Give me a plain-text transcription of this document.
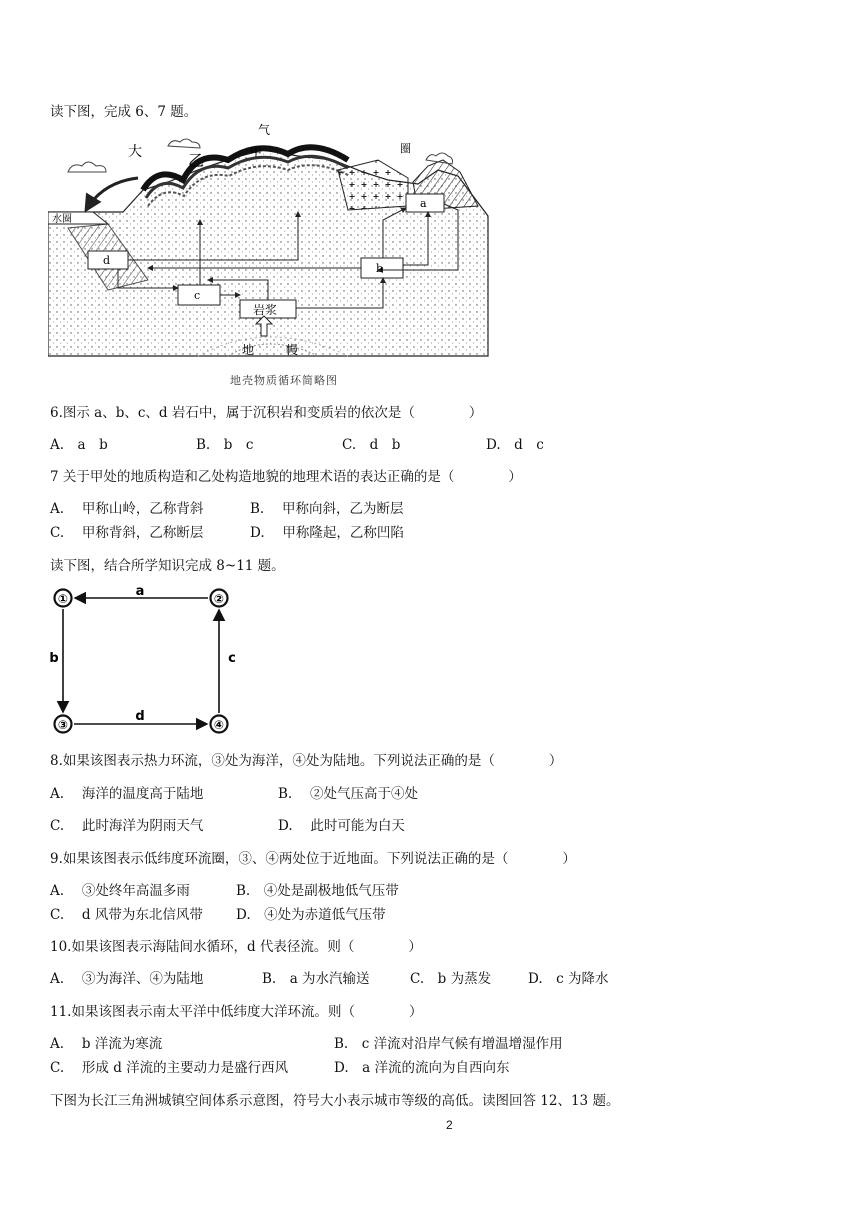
读下图，完成 6、7 题。
大
气
圈
乙	甲
水圈
a
b
c
d
岩浆
地	幔
地壳物质循环简略图
6.图示 a、b、c、d 岩石中，属于沉积岩和变质岩的依次是（　　　　）
A.　a　b	B.　b　c	C.　d　b	D.　d　c
7 关于甲处的地质构造和乙处构造地貌的地理术语的表达正确的是（　　　　）
A.　 甲称山岭，乙称背斜	B.　 甲称向斜，乙为断层
C.　 甲称背斜，乙称断层	D.　 甲称隆起，乙称凹陷
读下图，结合所学知识完成 8~11 题。
①	②
③	④
a
b	c
d
8.如果该图表示热力环流，③处为海洋，④处为陆地。下列说法正确的是（　　　　）
A.　 海洋的温度高于陆地	B.　 ②处气压高于④处
C.　 此时海洋为阴雨天气	D.　 此时可能为白天
9.如果该图表示低纬度环流圈，③、④两处位于近地面。下列说法正确的是（　　　　）
A.　 ③处终年高温多雨	B.　④处是副极地低气压带
C.　 d 风带为东北信风带 D.　④处为赤道低气压带
10.如果该图表示海陆间水循环，d 代表径流。则（　　　　）
A.　 ③为海洋、④为陆地	B.　a 为水汽输送	C.　b 为蒸发	D.　c 为降水
11.如果该图表示南太平洋中低纬度大洋环流。则（　　　　）
A.　 b 洋流为寒流	B.　c 洋流对沿岸气候有增温增湿作用
C.　 形成 d 洋流的主要动力是盛行西风	D.　a 洋流的流向为自西向东
下图为长江三角洲城镇空间体系示意图，符号大小表示城市等级的高低。读图回答 12、13 题。
2
